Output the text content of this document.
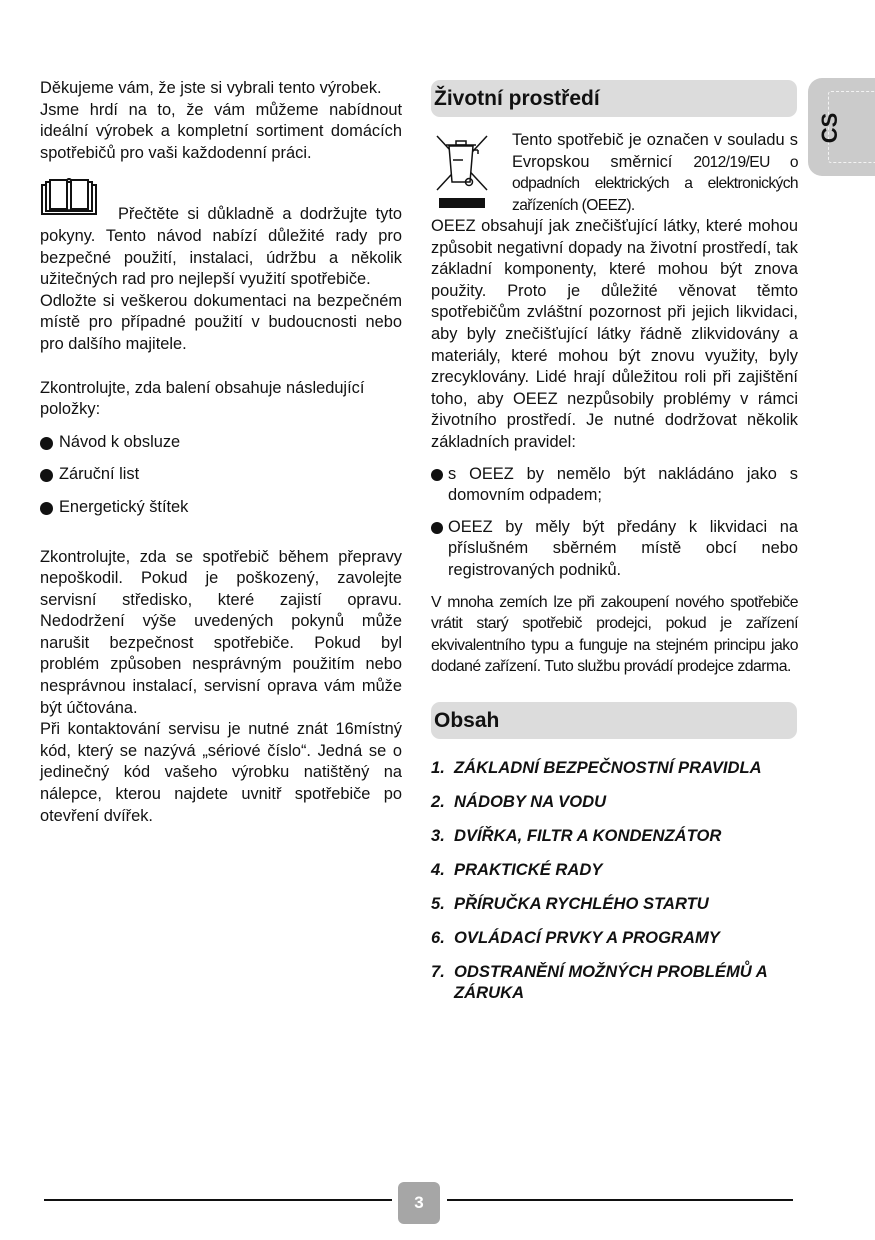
Děkujeme vám, že jste si vybrali tento výrobek.

Jsme hrdí na to, že vám můžeme nabídnout ideální výrobek a kompletní sortiment domácích spotřebičů pro vaši každodenní práci.

Přečtěte si důkladně a dodržujte tyto pokyny. Tento návod nabízí důležité rady pro bezpečné použití, instalaci, údržbu a několik užitečných rad pro nejlepší využití spotřebiče.

Odložte si veškerou dokumentaci na bezpečném místě pro případné použití v budoucnosti nebo pro dalšího majitele.

Zkontrolujte, zda balení obsahuje následující položky:

Návod k obsluze
Záruční list
Energetický štítek

Zkontrolujte, zda se spotřebič během přepravy nepoškodil. Pokud je poškozený, zavolejte servisní středisko, které zajistí opravu. Nedodržení výše uvedených pokynů může narušit bezpečnost spotřebiče. Pokud byl problém způsoben nesprávným použitím nebo nesprávnou instalací, servisní oprava vám může být účtována.

Při kontaktování servisu je nutné znát 16místný kód, který se nazývá „sériové číslo“. Jedná se o jedinečný kód vašeho výrobku natištěný na nálepce, kterou najdete uvnitř spotřebiče po otevření dvířek.

Životní prostředí

Tento spotřebič je označen v souladu s Evropskou směrnicí 2012/19/EU o odpadních elektrických a elektronických zařízeních (OEEZ).

OEEZ obsahují jak znečišťující látky, které mohou způsobit negativní dopady na životní prostředí, tak základní komponenty, které mohou být znova použity. Proto je důležité věnovat těmto spotřebičům zvláštní pozornost při jejich likvidaci, aby byly znečišťující látky řádně zlikvidovány a materiály, které mohou být znovu využity, byly zrecyklovány. Lidé hrají důležitou roli při zajištění toho, aby OEEZ nezpůsobily problémy v rámci životního prostředí. Je nutné dodržovat několik základních pravidel:

s OEEZ by nemělo být nakládáno jako s domovním odpadem;
OEEZ by měly být předány k likvidaci na příslušném sběrném místě obcí nebo registrovaných podniků.

V mnoha zemích lze při zakoupení nového spotřebiče vrátit starý spotřebič prodejci, pokud je zařízení ekvivalentního typu a funguje na stejném principu jako dodané zařízení. Tuto službu provádí prodejce zdarma.

Obsah
1. ZÁKLADNÍ BEZPEČNOSTNÍ PRAVIDLA
2. NÁDOBY NA VODU
3. DVÍŘKA, FILTR A KONDENZÁTOR
4. PRAKTICKÉ RADY
5. PŘÍRUČKA RYCHLÉHO STARTU
6. OVLÁDACÍ PRVKY A PROGRAMY
7. ODSTRANĚNÍ MOŽNÝCH PROBLÉMŮ A ZÁRUKA
CS
3
